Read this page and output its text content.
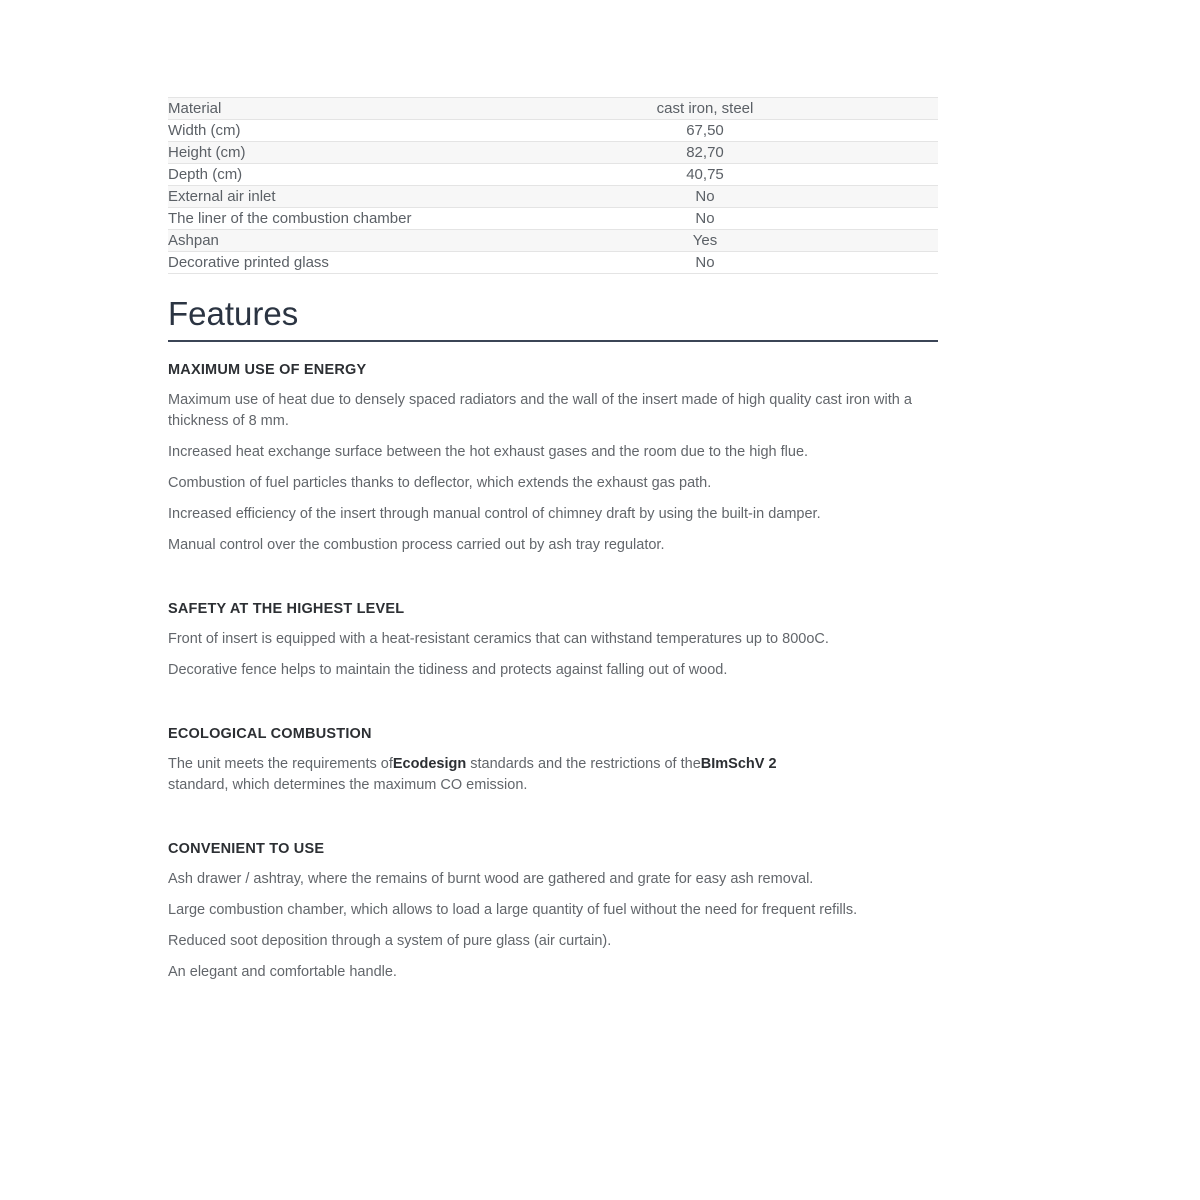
Material	cast iron, steel
Width (cm)	67,50
Height (cm)	82,70
Depth (cm)	40,75
External air inlet	No
The liner of the combustion chamber	No
Ashpan	Yes
Decorative printed glass	No
Features
MAXIMUM USE OF ENERGY

Maximum use of heat due to densely spaced radiators and the wall of the insert made of high quality cast iron with a thickness of 8 mm.

Increased heat exchange surface between the hot exhaust gases and the room due to the high flue.

Combustion of fuel particles thanks to deflector, which extends the exhaust gas path.

Increased efficiency of the insert through manual control of chimney draft by using the built-in damper.

Manual control over the combustion process carried out by ash tray regulator.

SAFETY AT THE HIGHEST LEVEL

Front of insert is equipped with a heat-resistant ceramics that can withstand temperatures up to 800oC.

Decorative fence helps to maintain the tidiness and protects against falling out of wood.

ECOLOGICAL COMBUSTION

The unit meets the requirements ofEcodesign standards and the restrictions of theBImSchV 2
standard, which determines the maximum CO emission.

CONVENIENT TO USE

Ash drawer / ashtray, where the remains of burnt wood are gathered and grate for easy ash removal.

Large combustion chamber, which allows to load a large quantity of fuel without the need for frequent refills.

Reduced soot deposition through a system of pure glass (air curtain).

An elegant and comfortable handle.
